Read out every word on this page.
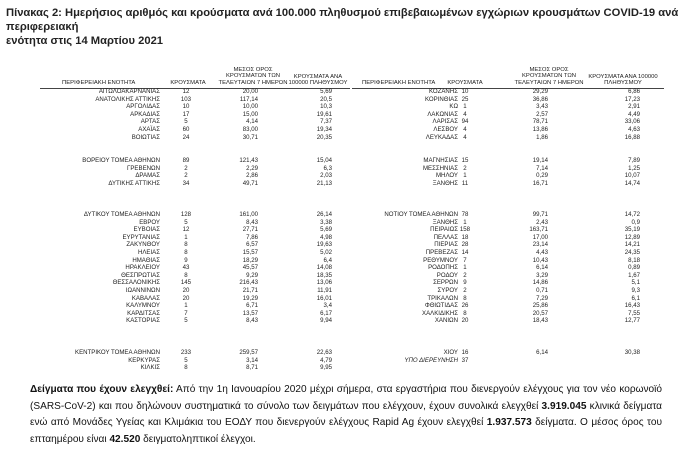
Πίνακας 2: Ημερήσιος αριθμός και κρούσματα ανά 100.000 πληθυσμού επιβεβαιωμένων εγχώριων κρουσμάτων COVID-19 ανά περιφερειακή
ενότητα στις 14 Μαρτίου 2021
ΠΕΡΙΦΕΡΕΙΑΚΗ ΕΝΟΤΗΤΑ	ΚΡΟΥΣΜΑΤΑ
ΜΕΣΟΣ ΟΡΟΣ ΚΡΟΥΣΜΑΤΩΝ ΤΩΝ ΤΕΛΕΥΤΑΙΩΝ 7 ΗΜΕΡΩΝ
ΚΡΟΥΣΜΑΤΑ ΑΝΑ 100000 ΠΛΗΘΥΣΜΟΥ
ΑΙΤΩΛΟΑΚΑΡΝΑΝΙΑΣ	12	20,00	5,69
ΑΝΑΤΟΛΙΚΗΣ ΑΤΤΙΚΗΣ	103	117,14	20,5
ΑΡΓΟΛΙΔΑΣ	10	10,00	10,3
ΑΡΚΑΔΙΑΣ	17	15,00	19,61
ΑΡΤΑΣ	5	4,14	7,37
ΑΧΑΪΑΣ	60	83,00	19,34
ΒΟΙΩΤΙΑΣ	24	30,71	20,35
ΒΟΡΕΙΟΥ ΤΟΜΕΑ ΑΘΗΝΩΝ	89	121,43	15,04
ΓΡΕΒΕΝΩΝ	2	2,29	6,3
ΔΡΑΜΑΣ	2	2,86	2,03
ΔΥΤΙΚΗΣ ΑΤΤΙΚΗΣ	34	49,71	21,13
ΔΥΤΙΚΟΥ ΤΟΜΕΑ ΑΘΗΝΩΝ	128	161,00	26,14
ΕΒΡΟΥ	5	8,43	3,38
ΕΥΒΟΙΑΣ	12	27,71	5,69
ΕΥΡΥΤΑΝΙΑΣ	1	7,86	4,98
ΖΑΚΥΝΘΟΥ	8	6,57	19,63
ΗΛΕΙΑΣ	8	15,57	5,02
ΗΜΑΘΙΑΣ	9	18,29	6,4
ΗΡΑΚΛΕΙΟΥ	43	45,57	14,08
ΘΕΣΠΡΩΤΙΑΣ	8	9,29	18,35
ΘΕΣΣΑΛΟΝΙΚΗΣ	145	216,43	13,06
ΙΩΑΝΝΙΝΩΝ	20	21,71	11,91
ΚΑΒΑΛΑΣ	20	19,29	16,01
ΚΑΛΥΜΝΟΥ	1	6,71	3,4
ΚΑΡΔΙΤΣΑΣ	7	13,57	6,17
ΚΑΣΤΟΡΙΑΣ	5	8,43	9,94
ΚΕΝΤΡΙΚΟΥ ΤΟΜΕΑ ΑΘΗΝΩΝ	233	259,57	22,63
ΚΕΡΚΥΡΑΣ	5	3,14	4,79
ΚΙΛΚΙΣ	8	8,71	9,95
ΠΕΡΙΦΕΡΕΙΑΚΗ ΕΝΟΤΗΤΑ	ΚΡΟΥΣΜΑΤΑ
ΜΕΣΟΣ ΟΡΟΣ ΚΡΟΥΣΜΑΤΩΝ ΤΩΝ ΤΕΛΕΥΤΑΙΩΝ 7 ΗΜΕΡΩΝ
ΚΡΟΥΣΜΑΤΑ ΑΝΑ 100000 ΠΛΗΘΥΣΜΟΥ
ΚΟΖΑΝΗΣ 10	29,29	6,86
ΚΟΡΙΝΘΙΑΣ 25	36,86	17,23
ΚΩ 1	3,43	2,91
ΛΑΚΩΝΙΑΣ 4	2,57	4,49
ΛΑΡΙΣΑΣ 94	78,71	33,06
ΛΕΣΒΟΥ 4	13,86	4,63
ΛΕΥΚΑΔΑΣ 4	1,86	16,88
ΜΑΓΝΗΣΙΑΣ 15	19,14	7,89
ΜΕΣΣΗΝΙΑΣ 2	7,14	1,25
ΜΗΛΟΥ 1	0,29	10,07
ΞΑΝΘΗΣ 11	16,71	14,74
ΝΟΤΙΟΥ ΤΟΜΕΑ ΑΘΗΝΩΝ 78	99,71	14,72
ΞΑΝΘΗΣ 1	2,43	0,9
ΠΕΙΡΑΙΩΣ 158	163,71	35,19
ΠΕΛΛΑΣ 18	17,00	12,89
ΠΙΕΡΙΑΣ 28	23,14	14,21
ΠΡΕΒΕΖΑΣ 14	4,43	24,35
ΡΕΘΥΜΝΟΥ 7	10,43	8,18
ΡΟΔΟΠΗΣ 1	6,14	0,89
ΡΟΔΟΥ 2	3,29	1,67
ΣΕΡΡΩΝ 9	14,86	5,1
ΣΥΡΟΥ 2	0,71	9,3
ΤΡΙΚΑΛΩΝ 8	7,29	6,1
ΦΘΙΩΤΙΔΑΣ 26	25,86	16,43
ΧΑΛΚΙΔΙΚΗΣ 8	20,57	7,55
ΧΑΝΙΩΝ 20	18,43	12,77
ΧΙΟΥ 16	6,14	30,38
ΥΠΟ ΔΙΕΡΕΥΝΗΣΗ 37
Δείγματα που έχουν ελεγχθεί: Από την 1η Ιανουαρίου 2020 μέχρι σήμερα, στα εργαστήρια που διενεργούν ελέγχους για τον νέο κορωνοϊό (SARS-CoV-2) και που δηλώνουν συστηματικά το σύνολο των δειγμάτων που ελέγχουν, έχουν συνολικά ελεγχθεί 3.919.045 κλινικά δείγματα ενώ από Μονάδες Υγείας και Κλιμάκια του ΕΟΔΥ που διενεργούν ελέγχους Rapid Ag έχουν ελεγχθεί 1.937.573 δείγματα. Ο μέσος όρος του επταημέρου είναι 42.520 δειγματοληπτικοί έλεγχοι.
